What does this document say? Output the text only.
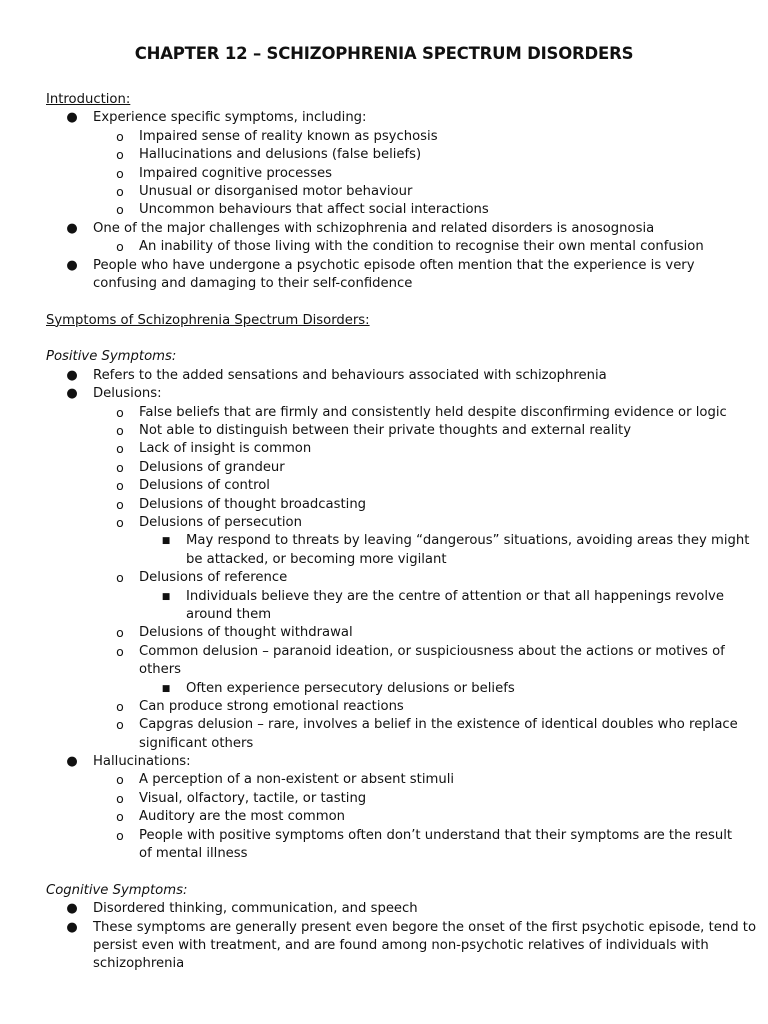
CHAPTER 12 – SCHIZOPHRENIA SPECTRUM DISORDERS
Introduction:
● Experience specific symptoms, including:
o Impaired sense of reality known as psychosis
o Hallucinations and delusions (false beliefs)
o Impaired cognitive processes
o Unusual or disorganised motor behaviour
o Uncommon behaviours that affect social interactions
● One of the major challenges with schizophrenia and related disorders is anosognosia
o An inability of those living with the condition to recognise their own mental confusion
● People who have undergone a psychotic episode often mention that the experience is very
confusing and damaging to their self-confidence
Symptoms of Schizophrenia Spectrum Disorders:
Positive Symptoms:
● Refers to the added sensations and behaviours associated with schizophrenia
● Delusions:
o False beliefs that are firmly and consistently held despite disconfirming evidence or logic
o Not able to distinguish between their private thoughts and external reality
o Lack of insight is common
o Delusions of grandeur
o Delusions of control
o Delusions of thought broadcasting
o Delusions of persecution
■ May respond to threats by leaving “dangerous” situations, avoiding areas they might
be attacked, or becoming more vigilant
o Delusions of reference
■ Individuals believe they are the centre of attention or that all happenings revolve
around them
o Delusions of thought withdrawal
o Common delusion – paranoid ideation, or suspiciousness about the actions or motives of
others
■ Often experience persecutory delusions or beliefs
o Can produce strong emotional reactions
o Capgras delusion – rare, involves a belief in the existence of identical doubles who replace
significant others
● Hallucinations:
o A perception of a non-existent or absent stimuli
o Visual, olfactory, tactile, or tasting
o Auditory are the most common
o People with positive symptoms often don’t understand that their symptoms are the result
of mental illness
Cognitive Symptoms:
● Disordered thinking, communication, and speech
● These symptoms are generally present even begore the onset of the first psychotic episode, tend to
persist even with treatment, and are found among non-psychotic relatives of individuals with
schizophrenia
